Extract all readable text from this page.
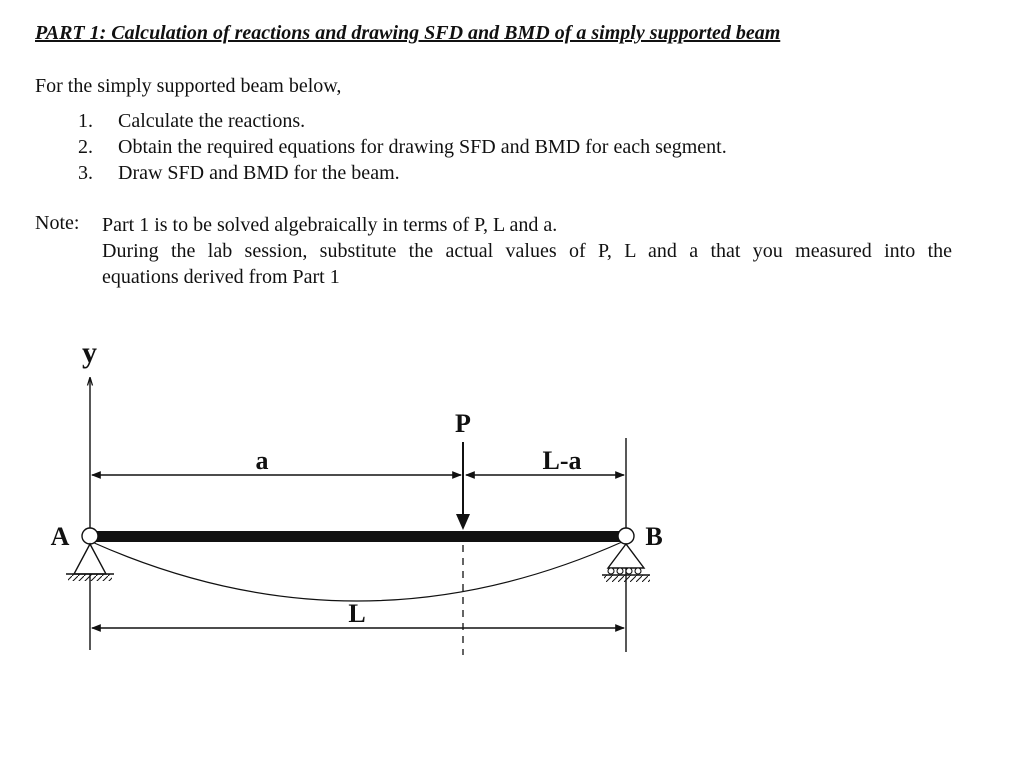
PART 1: Calculation of reactions and drawing SFD and BMD of a simply supported beam
For the simply supported beam below,
1. Calculate the reactions.
2. Obtain the required equations for drawing SFD and BMD for each segment.
3. Draw SFD and BMD for the beam.
Note: Part 1 is to be solved algebraically in terms of P, L and a.
During the lab session, substitute the actual values of P, L and a that you measured into the
equations derived from Part 1
y
a	L-a
P
A	B
L
